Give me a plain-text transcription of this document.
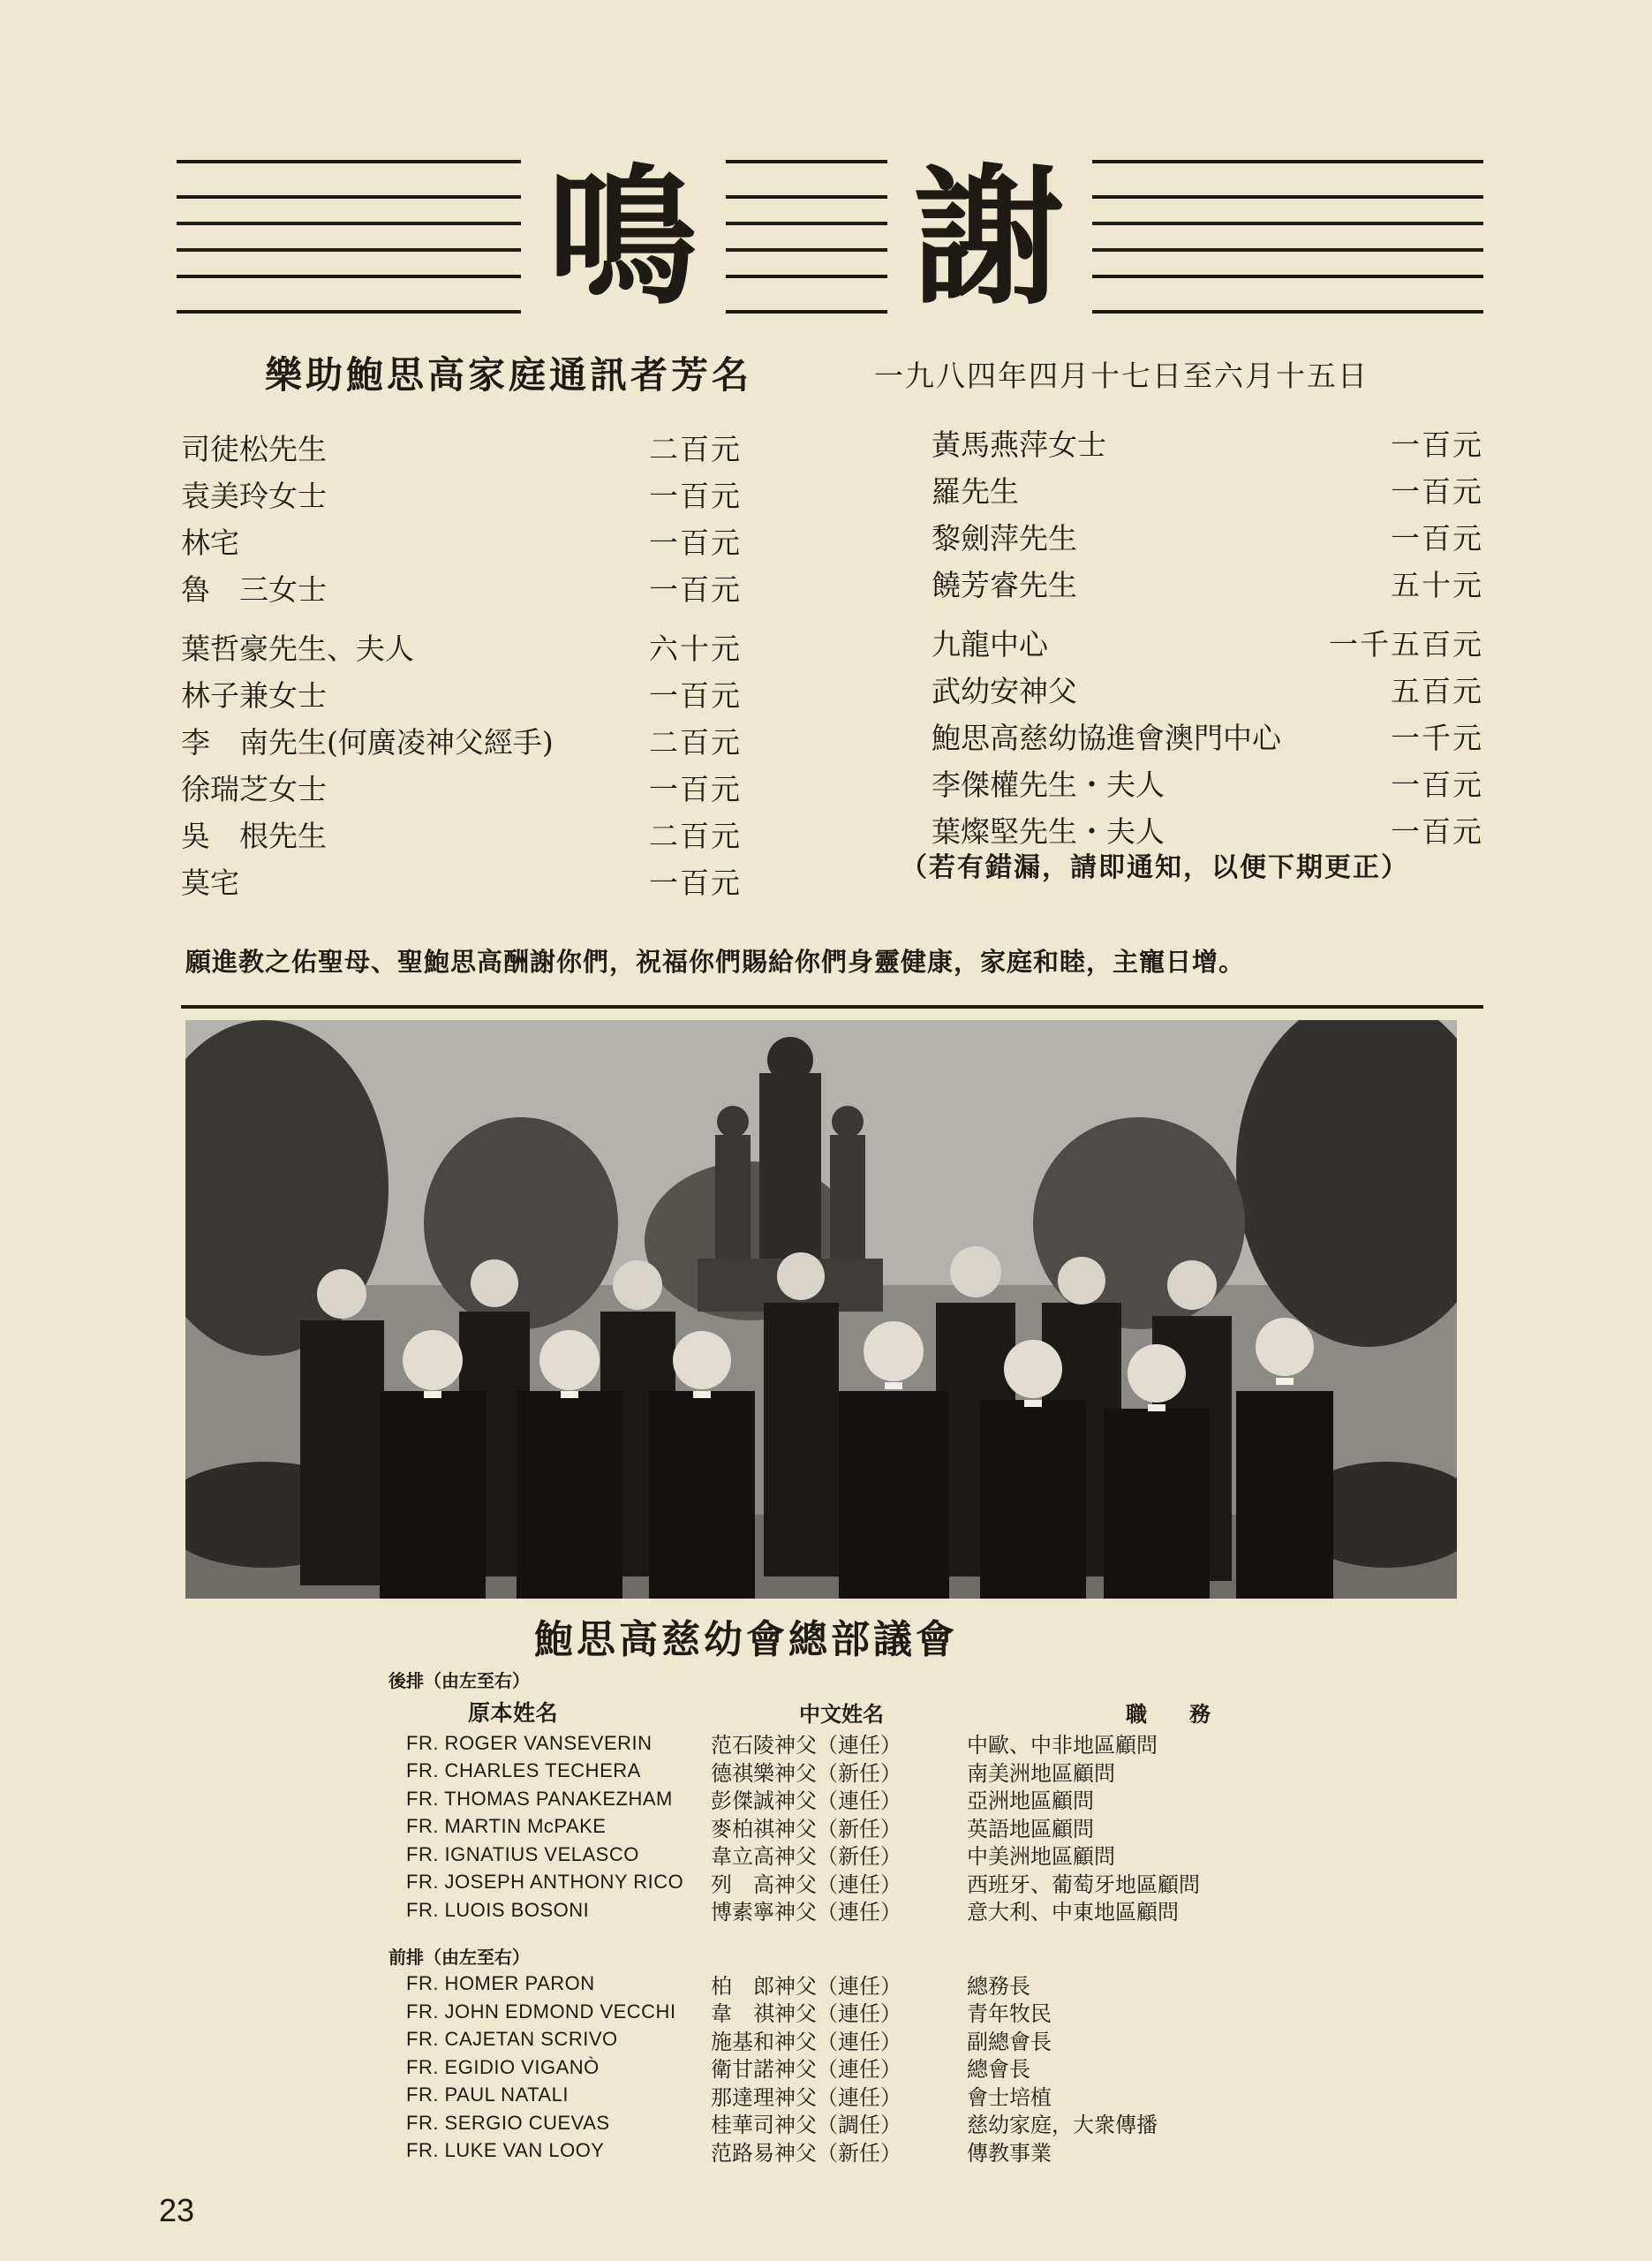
鳴 謝
樂助鮑思高家庭通訊者芳名	一九八四年四月十七日至六月十五日
司徒松先生	二百元
袁美玲女士	一百元
林宅	一百元
魯　三女士	一百元
葉哲豪先生、夫人	六十元
林子兼女士	一百元
李　南先生(何廣凌神父經手)	二百元
徐瑞芝女士	一百元
吳　根先生	二百元
莫宅	一百元
黃馬燕萍女士	一百元
羅先生	一百元
黎劍萍先生	一百元
饒芳睿先生	五十元
九龍中心	一千五百元
武幼安神父	五百元
鮑思高慈幼協進會澳門中心	一千元
李傑權先生・夫人	一百元
葉燦堅先生・夫人	一百元
（若有錯漏，請即通知，以便下期更正）
願進教之佑聖母、聖鮑思高酬謝你們，祝福你們賜給你們身靈健康，家庭和睦，主寵日增。
鮑思高慈幼會總部議會
後排（由左至右）
原本姓名	中文姓名	職　　務
FR. ROGER VANSEVERIN	范石陵神父（連任）	中歐、中非地區顧問
FR. CHARLES TECHERA	德祺樂神父（新任）	南美洲地區顧問
FR. THOMAS PANAKEZHAM	彭傑誠神父（連任）	亞洲地區顧問
FR. MARTIN McPAKE	麥柏祺神父（新任）	英語地區顧問
FR. IGNATIUS VELASCO	韋立高神父（新任）	中美洲地區顧問
FR. JOSEPH ANTHONY RICO	列　高神父（連任）	西班牙、葡萄牙地區顧問
FR. LUOIS BOSONI	博素寧神父（連任）	意大利、中東地區顧問
前排（由左至右）
FR. HOMER PARON	柏　郎神父（連任）	總務長
FR. JOHN EDMOND VECCHI	韋　祺神父（連任）	青年牧民
FR. CAJETAN SCRIVO	施基和神父（連任）	副總會長
FR. EGIDIO VIGANÒ	衛甘諾神父（連任）	總會長
FR. PAUL NATALI	那達理神父（連任）	會士培植
FR. SERGIO CUEVAS	桂華司神父（調任）	慈幼家庭，大衆傳播
FR. LUKE VAN LOOY	范路易神父（新任）	傳教事業
23
